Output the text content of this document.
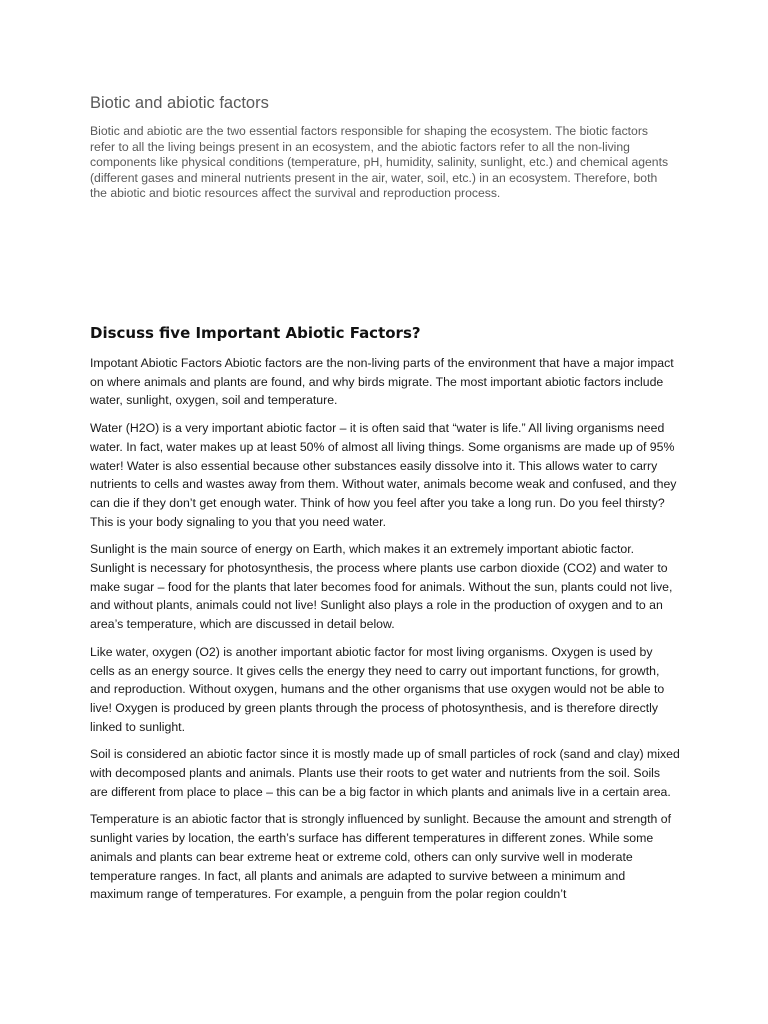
Biotic and abiotic factors

Biotic and abiotic are the two essential factors responsible for shaping the ecosystem. The biotic factors refer to all the living beings present in an ecosystem, and the abiotic factors refer to all the non-living components like physical conditions (temperature, pH, humidity, salinity, sunlight, etc.) and chemical agents (different gases and mineral nutrients present in the air, water, soil, etc.) in an ecosystem. Therefore, both the abiotic and biotic resources affect the survival and reproduction process.

Discuss five Important Abiotic Factors?

Impotant Abiotic Factors Abiotic factors are the non-living parts of the environment that have a major impact on where animals and plants are found, and why birds migrate. The most important abiotic factors include water, sunlight, oxygen, soil and temperature.

Water (H2O) is a very important abiotic factor – it is often said that “water is life.” All living organisms need water. In fact, water makes up at least 50% of almost all living things. Some organisms are made up of 95% water! Water is also essential because other substances easily dissolve into it. This allows water to carry nutrients to cells and wastes away from them. Without water, animals become weak and confused, and they can die if they don’t get enough water. Think of how you feel after you take a long run. Do you feel thirsty? This is your body signaling to you that you need water.

Sunlight is the main source of energy on Earth, which makes it an extremely important abiotic factor. Sunlight is necessary for photosynthesis, the process where plants use carbon dioxide (CO2) and water to make sugar – food for the plants that later becomes food for animals. Without the sun, plants could not live, and without plants, animals could not live! Sunlight also plays a role in the production of oxygen and to an area’s temperature, which are discussed in detail below.

Like water, oxygen (O2) is another important abiotic factor for most living organisms. Oxygen is used by cells as an energy source. It gives cells the energy they need to carry out important functions, for growth, and reproduction. Without oxygen, humans and the other organisms that use oxygen would not be able to live! Oxygen is produced by green plants through the process of photosynthesis, and is therefore directly linked to sunlight.

Soil is considered an abiotic factor since it is mostly made up of small particles of rock (sand and clay) mixed with decomposed plants and animals. Plants use their roots to get water and nutrients from the soil. Soils are different from place to place – this can be a big factor in which plants and animals live in a certain area.

Temperature is an abiotic factor that is strongly influenced by sunlight. Because the amount and strength of sunlight varies by location, the earth’s surface has different temperatures in different zones. While some animals and plants can bear extreme heat or extreme cold, others can only survive well in moderate temperature ranges. In fact, all plants and animals are adapted to survive between a minimum and maximum range of temperatures. For example, a penguin from the polar region couldn’t
